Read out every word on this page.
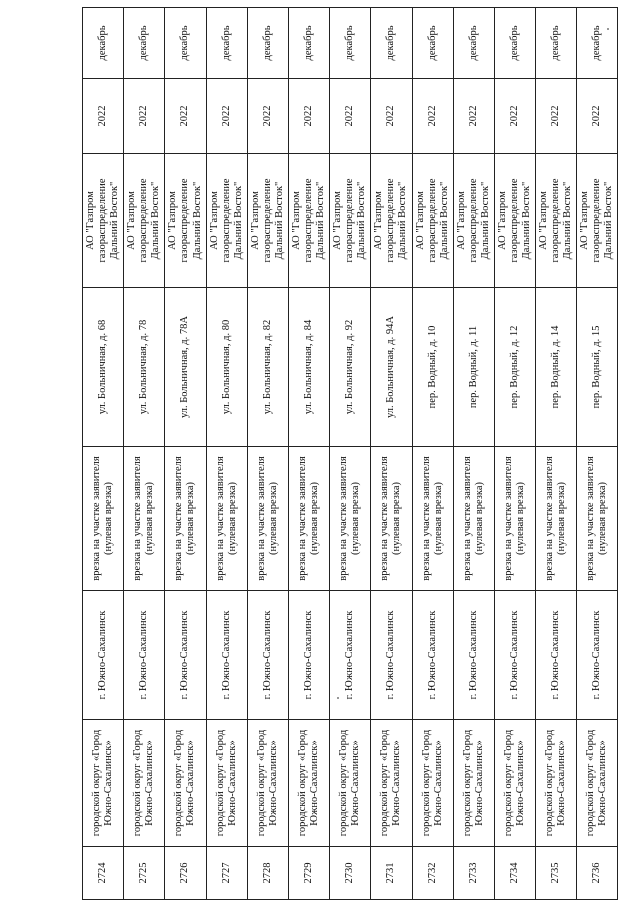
2724	городской округ «Город Южно-Сахалинск»	г. Южно-Сахалинск	врезка на участке заявителя (нулевая врезка)	ул. Больничная, д. 68	АО "Газпром газораспределение Дальний Восток"	2022	декабрь
2725	городской округ «Город Южно-Сахалинск»	г. Южно-Сахалинск	врезка на участке заявителя (нулевая врезка)	ул. Больничная, д. 78	АО "Газпром газораспределение Дальний Восток"	2022	декабрь
2726	городской округ «Город Южно-Сахалинск»	г. Южно-Сахалинск	врезка на участке заявителя (нулевая врезка)	ул. Больничная, д. 78А	АО "Газпром газораспределение Дальний Восток"	2022	декабрь
2727	городской округ «Город Южно-Сахалинск»	г. Южно-Сахалинск	врезка на участке заявителя (нулевая врезка)	ул. Больничная, д. 80	АО "Газпром газораспределение Дальний Восток"	2022	декабрь
2728	городской округ «Город Южно-Сахалинск»	г. Южно-Сахалинск	врезка на участке заявителя (нулевая врезка)	ул. Больничная, д. 82	АО "Газпром газораспределение Дальний Восток"	2022	декабрь
2729	городской округ «Город Южно-Сахалинск»	г. Южно-Сахалинск	врезка на участке заявителя (нулевая врезка)	ул. Больничная, д. 84	АО "Газпром газораспределение Дальний Восток"	2022	декабрь
2730	городской округ «Город Южно-Сахалинск»	г. Южно-Сахалинск	врезка на участке заявителя (нулевая врезка)	ул. Больничная, д. 92	АО "Газпром газораспределение Дальний Восток"	2022	декабрь
2731	городской округ «Город Южно-Сахалинск»	г. Южно-Сахалинск	врезка на участке заявителя (нулевая врезка)	ул. Больничная, д. 94А	АО "Газпром газораспределение Дальний Восток"	2022	декабрь
2732	городской округ «Город Южно-Сахалинск»	г. Южно-Сахалинск	врезка на участке заявителя (нулевая врезка)	пер. Водный, д. 10	АО "Газпром газораспределение Дальний Восток"	2022	декабрь
2733	городской округ «Город Южно-Сахалинск»	г. Южно-Сахалинск	врезка на участке заявителя (нулевая врезка)	пер. Водный, д. 11	АО "Газпром газораспределение Дальний Восток"	2022	декабрь
2734	городской округ «Город Южно-Сахалинск»	г. Южно-Сахалинск	врезка на участке заявителя (нулевая врезка)	пер. Водный, д. 12	АО "Газпром газораспределение Дальний Восток"	2022	декабрь
2735	городской округ «Город Южно-Сахалинск»	г. Южно-Сахалинск	врезка на участке заявителя (нулевая врезка)	пер. Водный, д. 14	АО "Газпром газораспределение Дальний Восток"	2022	декабрь
2736	городской округ «Город Южно-Сахалинск»	г. Южно-Сахалинск	врезка на участке заявителя (нулевая врезка)	пер. Водный, д. 15	АО "Газпром газораспределение Дальний Восток"	2022	декабрь
